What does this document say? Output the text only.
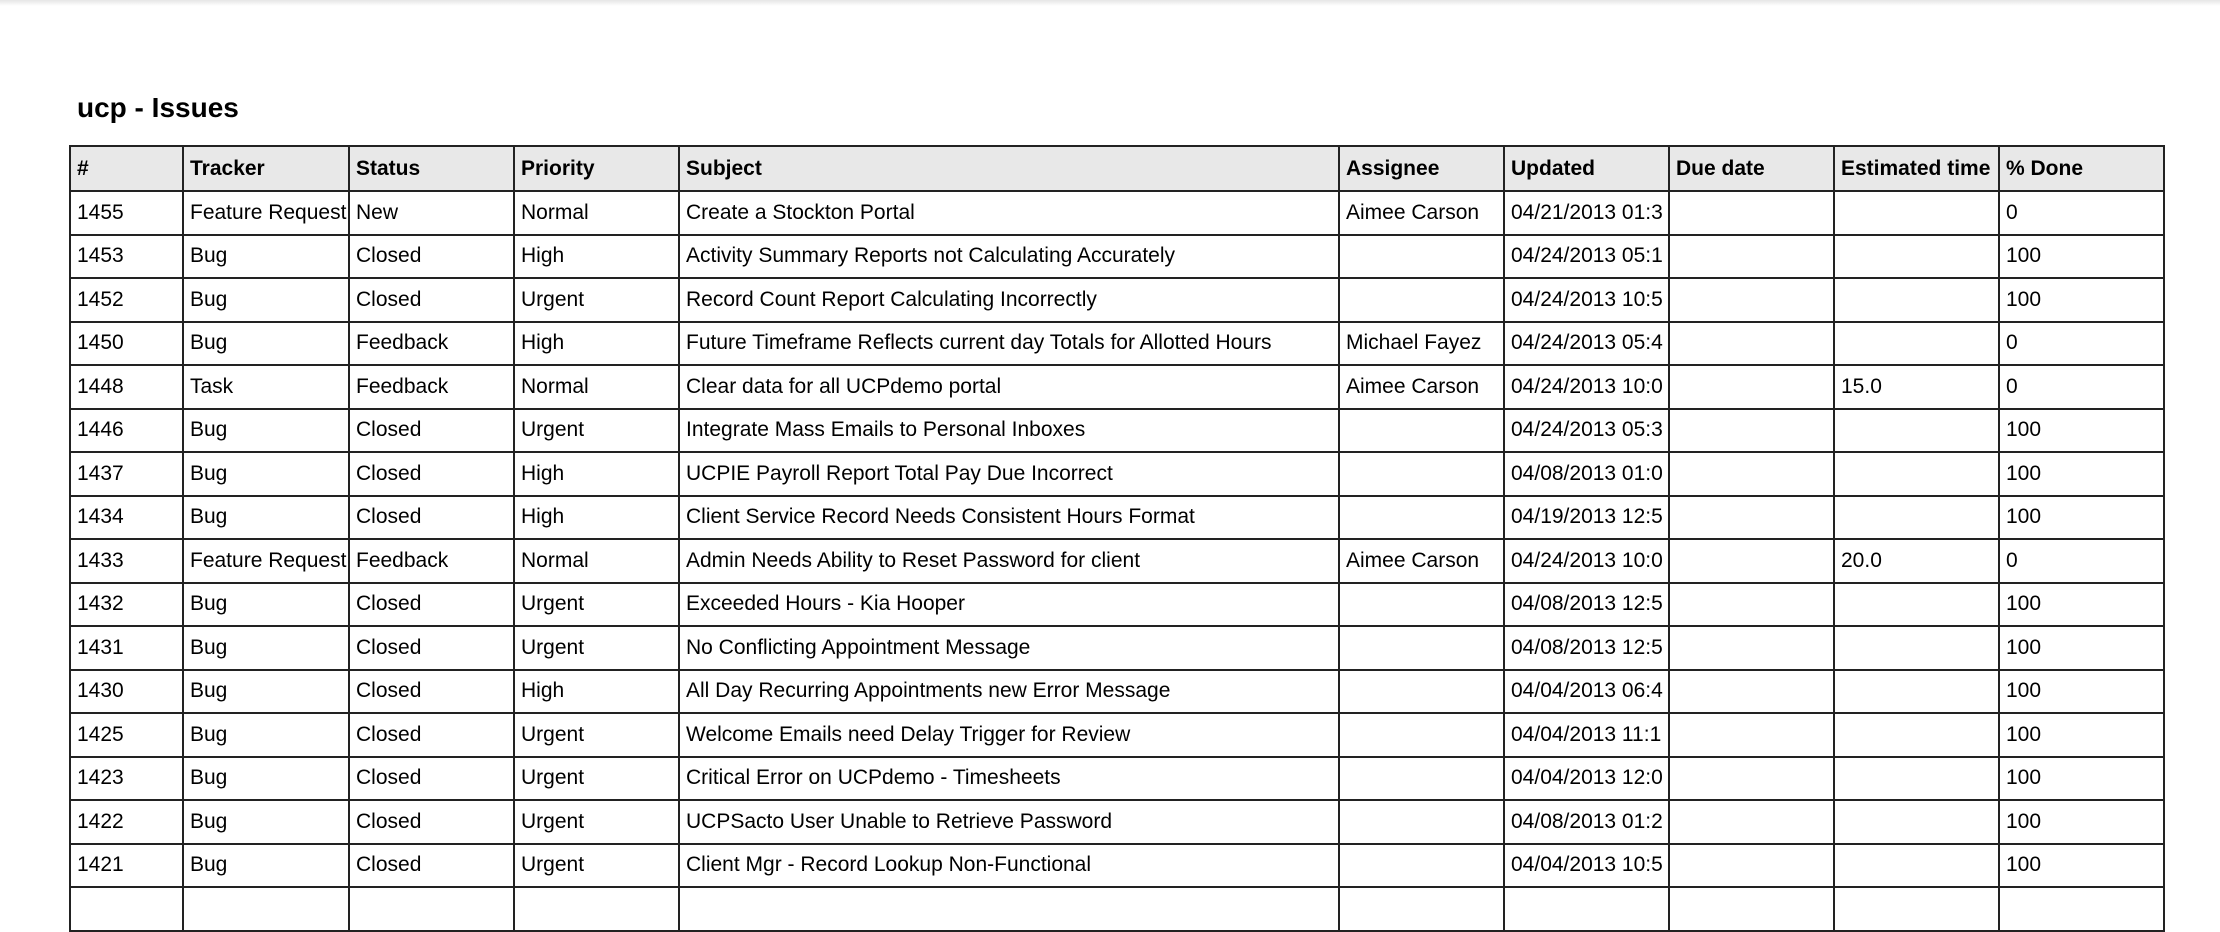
ucp - Issues
#	Tracker	Status	Priority	Subject	Assignee	Updated	Due date	Estimated time	% Done
1455	Feature Request	New	Normal	Create a Stockton Portal	Aimee Carson	04/21/2013 01:3			0
1453	Bug	Closed	High	Activity Summary Reports not Calculating Accurately		04/24/2013 05:1			100
1452	Bug	Closed	Urgent	Record Count Report Calculating Incorrectly		04/24/2013 10:5			100
1450	Bug	Feedback	High	Future Timeframe Reflects current day Totals for Allotted Hours	Michael Fayez	04/24/2013 05:4			0
1448	Task	Feedback	Normal	Clear data for all UCPdemo portal	Aimee Carson	04/24/2013 10:0		15.0	0
1446	Bug	Closed	Urgent	Integrate Mass Emails to Personal Inboxes		04/24/2013 05:3			100
1437	Bug	Closed	High	UCPIE Payroll Report Total Pay Due Incorrect		04/08/2013 01:0			100
1434	Bug	Closed	High	Client Service Record Needs Consistent Hours Format		04/19/2013 12:5			100
1433	Feature Request	Feedback	Normal	Admin Needs Ability to Reset Password for client	Aimee Carson	04/24/2013 10:0		20.0	0
1432	Bug	Closed	Urgent	Exceeded Hours - Kia Hooper		04/08/2013 12:5			100
1431	Bug	Closed	Urgent	No Conflicting Appointment Message		04/08/2013 12:5			100
1430	Bug	Closed	High	All Day Recurring Appointments new Error Message		04/04/2013 06:4			100
1425	Bug	Closed	Urgent	Welcome Emails need Delay Trigger for Review		04/04/2013 11:1			100
1423	Bug	Closed	Urgent	Critical Error on UCPdemo - Timesheets		04/04/2013 12:0			100
1422	Bug	Closed	Urgent	UCPSacto User Unable to Retrieve Password		04/08/2013 01:2			100
1421	Bug	Closed	Urgent	Client Mgr - Record Lookup Non-Functional		04/04/2013 10:5			100
